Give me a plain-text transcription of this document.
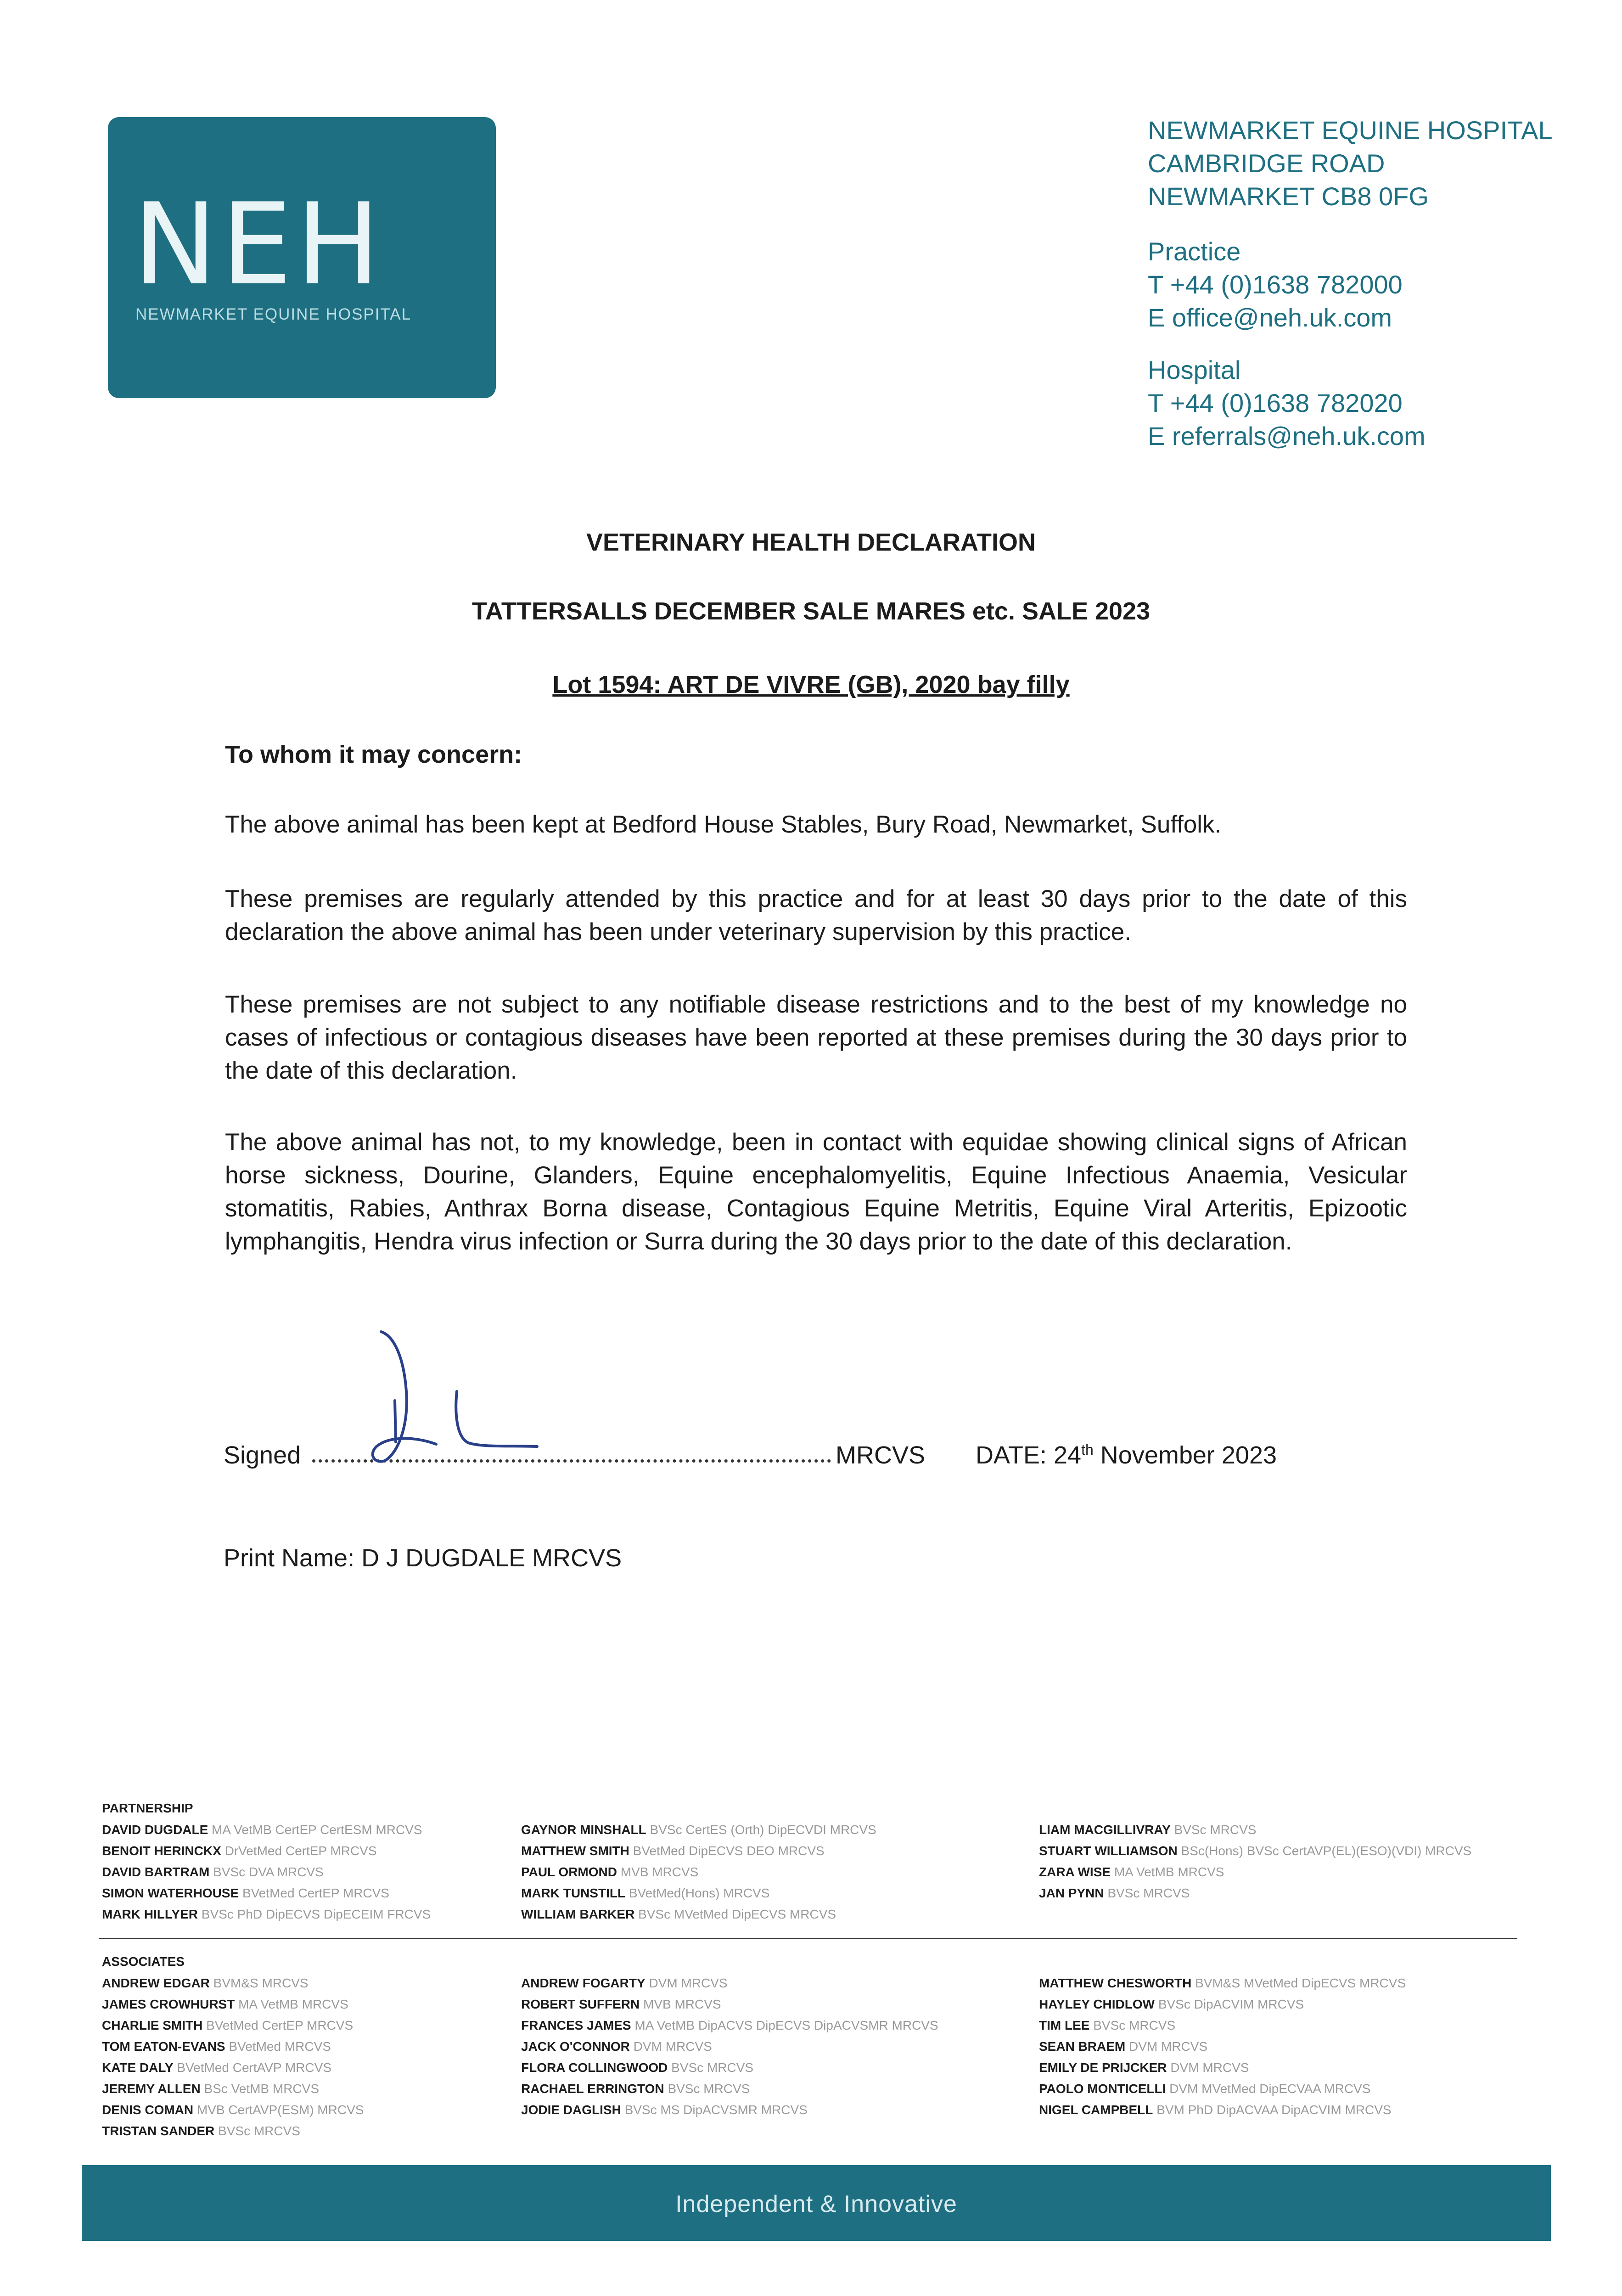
NEH
NEWMARKET EQUINE HOSPITAL
NEWMARKET EQUINE HOSPITAL
CAMBRIDGE ROAD
NEWMARKET CB8 0FG
Practice
T +44 (0)1638 782000
E office@neh.uk.com
Hospital
T +44 (0)1638 782020
E referrals@neh.uk.com
VETERINARY HEALTH DECLARATION
TATTERSALLS DECEMBER SALE MARES etc. SALE 2023
Lot 1594: ART DE VIVRE (GB), 2020 bay filly
To whom it may concern:
The above animal has been kept at Bedford House Stables, Bury Road, Newmarket, Suffolk.
These premises are regularly attended by this practice and for at least 30 days prior to the date of this declaration the above animal has been under veterinary supervision by this practice.
These premises are not subject to any notifiable disease restrictions and to the best of my knowledge no cases of infectious or contagious diseases have been reported at these premises during the 30 days prior to the date of this declaration.
The above animal has not, to my knowledge, been in contact with equidae showing clinical signs of African horse sickness, Dourine, Glanders, Equine encephalomyelitis, Equine Infectious Anaemia, Vesicular stomatitis, Rabies, Anthrax Borna disease, Contagious Equine Metritis, Equine Viral Arteritis, Epizootic lymphangitis, Hendra virus infection or Surra during the 30 days prior to the date of this declaration.
Signed	MRCVS DATE: 24th November 2023
Print Name: D J DUGDALE MRCVS
PARTNERSHIP
DAVID DUGDALE MA VetMB CertEP CertESM MRCVS
BENOIT HERINCKX DrVetMed CertEP MRCVS
DAVID BARTRAM BVSc DVA MRCVS
SIMON WATERHOUSE BVetMed CertEP MRCVS
MARK HILLYER BVSc PhD DipECVS DipECEIM FRCVS
GAYNOR MINSHALL BVSc CertES (Orth) DipECVDI MRCVS
MATTHEW SMITH BVetMed DipECVS DEO MRCVS
PAUL ORMOND MVB MRCVS
MARK TUNSTILL BVetMed(Hons) MRCVS
WILLIAM BARKER BVSc MVetMed DipECVS MRCVS
LIAM MACGILLIVRAY BVSc MRCVS
STUART WILLIAMSON BSc(Hons) BVSc CertAVP(EL)(ESO)(VDI) MRCVS
ZARA WISE MA VetMB MRCVS
JAN PYNN BVSc MRCVS
ASSOCIATES
ANDREW EDGAR BVM&S MRCVS
JAMES CROWHURST MA VetMB MRCVS
CHARLIE SMITH BVetMed CertEP MRCVS
TOM EATON-EVANS BVetMed MRCVS
KATE DALY BVetMed CertAVP MRCVS
JEREMY ALLEN BSc VetMB MRCVS
DENIS COMAN MVB CertAVP(ESM) MRCVS
TRISTAN SANDER BVSc MRCVS
ANDREW FOGARTY DVM MRCVS
ROBERT SUFFERN MVB MRCVS
FRANCES JAMES MA VetMB DipACVS DipECVS DipACVSMR MRCVS
JACK O'CONNOR DVM MRCVS
FLORA COLLINGWOOD BVSc MRCVS
RACHAEL ERRINGTON BVSc MRCVS
JODIE DAGLISH BVSc MS DipACVSMR MRCVS
MATTHEW CHESWORTH BVM&S MVetMed DipECVS MRCVS
HAYLEY CHIDLOW BVSc DipACVIM MRCVS
TIM LEE BVSc MRCVS
SEAN BRAEM DVM MRCVS
EMILY DE PRIJCKER DVM MRCVS
PAOLO MONTICELLI DVM MVetMed DipECVAA MRCVS
NIGEL CAMPBELL BVM PhD DipACVAA DipACVIM MRCVS
Independent & Innovative
